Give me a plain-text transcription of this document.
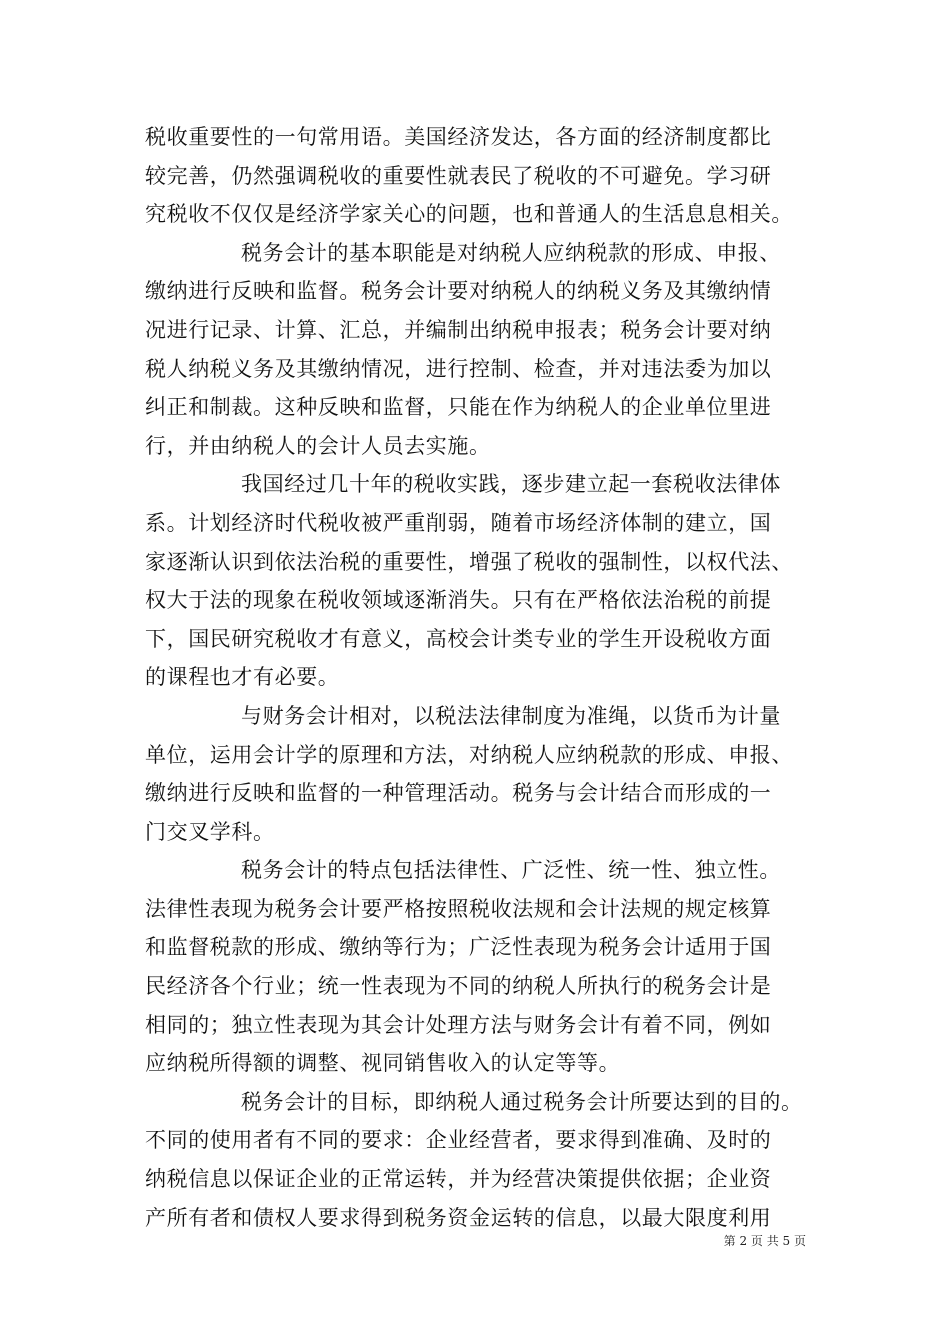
税收重要性的一句常用语。美国经济发达，各方面的经济制度都比
较完善，仍然强调税收的重要性就表民了税收的不可避免。学习研
究税收不仅仅是经济学家关心的问题，也和普通人的生活息息相关。
税务会计的基本职能是对纳税人应纳税款的形成、申报、
缴纳进行反映和监督。税务会计要对纳税人的纳税义务及其缴纳情
况进行记录、计算、汇总，并编制出纳税申报表；税务会计要对纳
税人纳税义务及其缴纳情况，进行控制、检查，并对违法委为加以
纠正和制裁。这种反映和监督，只能在作为纳税人的企业单位里进
行，并由纳税人的会计人员去实施。
我国经过几十年的税收实践，逐步建立起一套税收法律体
系。计划经济时代税收被严重削弱，随着市场经济体制的建立，国
家逐渐认识到依法治税的重要性，增强了税收的强制性，以权代法、
权大于法的现象在税收领域逐渐消失。只有在严格依法治税的前提
下，国民研究税收才有意义，高校会计类专业的学生开设税收方面
的课程也才有必要。
与财务会计相对，以税法法律制度为准绳，以货币为计量
单位，运用会计学的原理和方法，对纳税人应纳税款的形成、申报、
缴纳进行反映和监督的一种管理活动。税务与会计结合而形成的一
门交叉学科。
税务会计的特点包括法律性、广泛性、统一性、独立性。
法律性表现为税务会计要严格按照税收法规和会计法规的规定核算
和监督税款的形成、缴纳等行为；广泛性表现为税务会计适用于国
民经济各个行业；统一性表现为不同的纳税人所执行的税务会计是
相同的；独立性表现为其会计处理方法与财务会计有着不同，例如
应纳税所得额的调整、视同销售收入的认定等等。
税务会计的目标，即纳税人通过税务会计所要达到的目的。
不同的使用者有不同的要求：企业经营者，要求得到准确、及时的
纳税信息以保证企业的正常运转，并为经营决策提供依据；企业资
产所有者和债权人要求得到税务资金运转的信息，以最大限度利用
第 2 页 共 5 页
